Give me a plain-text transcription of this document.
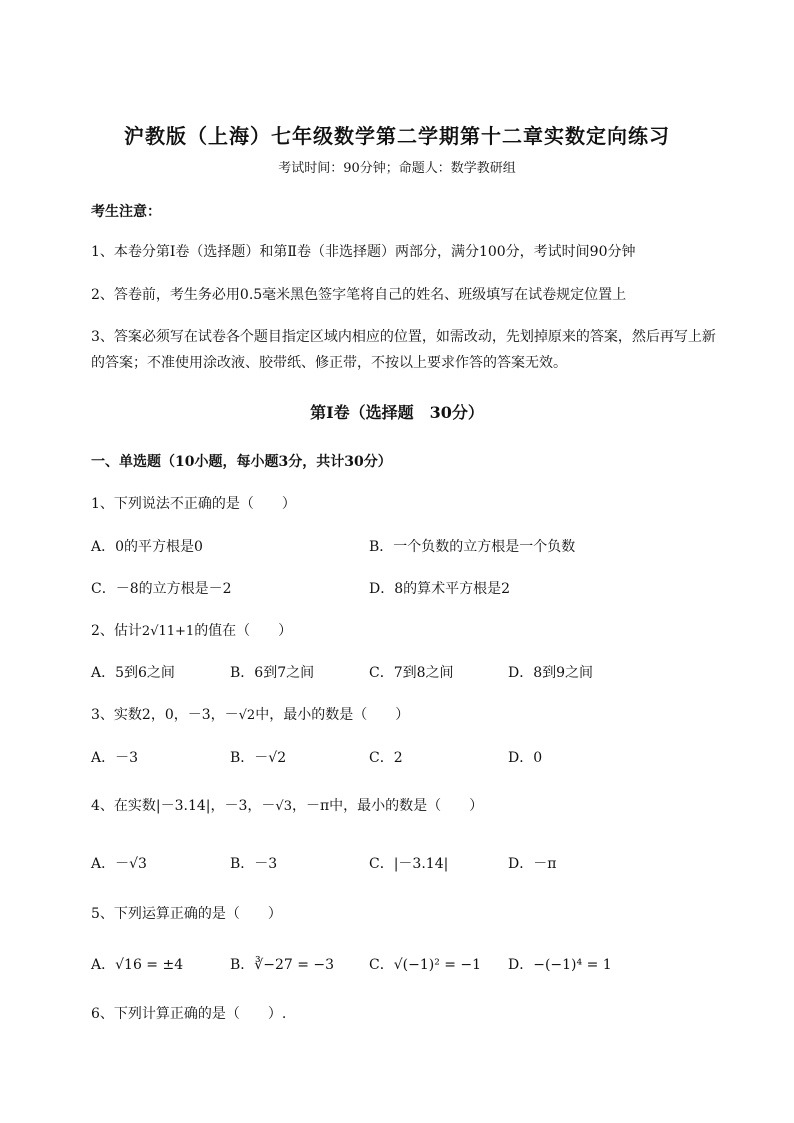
沪教版（上海）七年级数学第二学期第十二章实数定向练习
考试时间：90分钟；命题人：数学教研组
考生注意：
1、本卷分第I卷（选择题）和第Ⅱ卷（非选择题）两部分，满分100分，考试时间90分钟
2、答卷前，考生务必用0.5毫米黑色签字笔将自己的姓名、班级填写在试卷规定位置上
3、答案必须写在试卷各个题目指定区域内相应的位置，如需改动，先划掉原来的答案，然后再写上新
的答案；不准使用涂改液、胶带纸、修正带，不按以上要求作答的答案无效。
第I卷（选择题　30分）
一、单选题（10小题，每小题3分，共计30分）
1、下列说法不正确的是（　　）
A．0的平方根是0	B．一个负数的立方根是一个负数
C．－8的立方根是－2	D．8的算术平方根是2
2、估计2√11+1的值在（　　）
A．5到6之间	B．6到7之间	C．7到8之间	D．8到9之间
3、实数2，0，－3，－√2中，最小的数是（　　）
A．－3	B．－√2	C．2	D．0
4、在实数|－3.14|，－3，－√3，－π中，最小的数是（　　）
A．－√3	B．－3	C．|－3.14|	D．－π
5、下列运算正确的是（　　）
A．√16 = ±4	B．∛−27 = −3 C．√(−1)² = −1 D．−(−1)⁴ = 1
6、下列计算正确的是（　　）.
